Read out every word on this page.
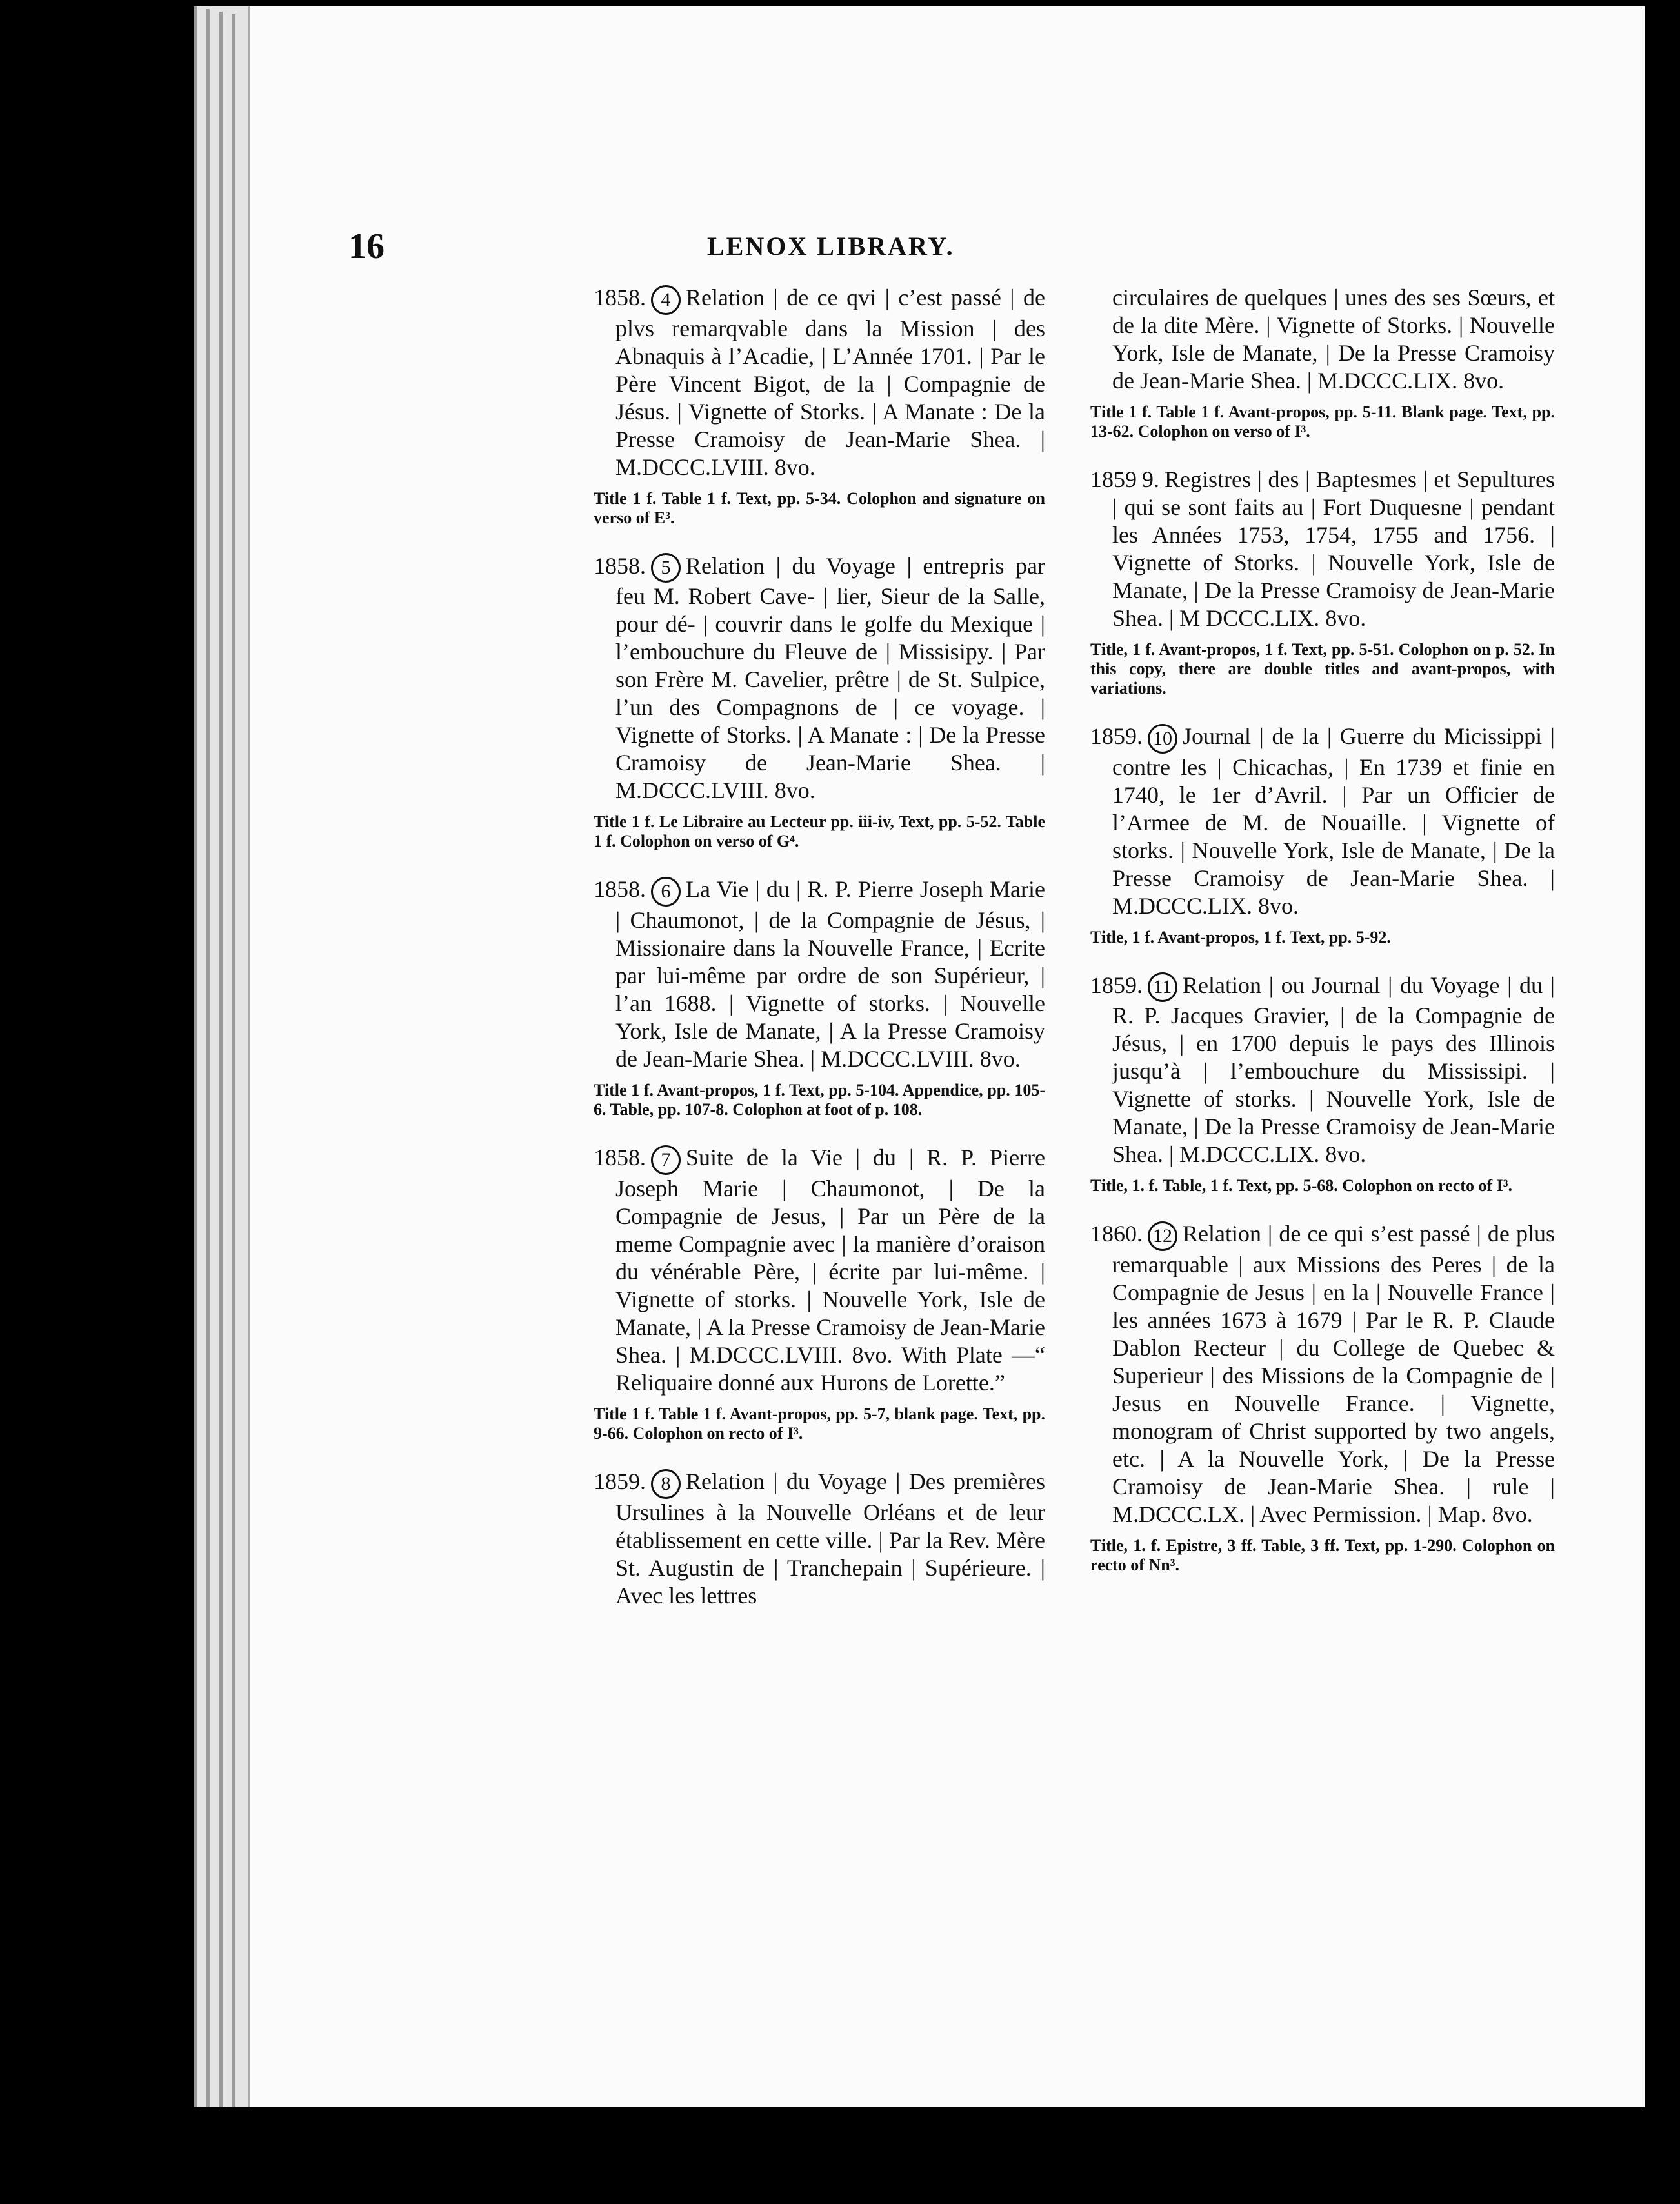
16	LENOX LIBRARY.

1858. 4 Relation | de ce qvi | c’est passé | de plvs remarqvable dans la Mission | des Abnaquis à l’Acadie, | L’Année 1701. | Par le Père Vincent Bigot, de la | Compagnie de Jésus. | Vignette of Storks. | A Manate : De la Presse Cramoisy de Jean-Marie Shea. | M.DCCC.LVIII. 8vo.

Title 1 f. Table 1 f. Text, pp. 5-34. Colophon and signature on verso of E³.

1858. 5 Relation | du Voyage | entrepris par feu M. Robert Cave- | lier, Sieur de la Salle, pour dé- | couvrir dans le golfe du Mexique | l’embouchure du Fleuve de | Missisipy. | Par son Frère M. Cavelier, prêtre | de St. Sulpice, l’un des Compagnons de | ce voyage. | Vignette of Storks. | A Manate : | De la Presse Cramoisy de Jean-Marie Shea. | M.DCCC.LVIII. 8vo.

Title 1 f. Le Libraire au Lecteur pp. iii-iv, Text, pp. 5-52. Table 1 f. Colophon on verso of G⁴.

1858. 6 La Vie | du | R. P. Pierre Joseph Marie | Chaumonot, | de la Compagnie de Jésus, | Missionaire dans la Nouvelle France, | Ecrite par lui-même par ordre de son Supérieur, | l’an 1688. | Vignette of storks. | Nouvelle York, Isle de Manate, | A la Presse Cramoisy de Jean-Marie Shea. | M.DCCC.LVIII. 8vo.

Title 1 f. Avant-propos, 1 f. Text, pp. 5-104. Appendice, pp. 105-6. Table, pp. 107-8. Colophon at foot of p. 108.

1858. 7 Suite de la Vie | du | R. P. Pierre Joseph Marie | Chaumonot, | De la Compagnie de Jesus, | Par un Père de la meme Compagnie avec | la manière d’oraison du vénérable Père, | écrite par lui-même. | Vignette of storks. | Nouvelle York, Isle de Manate, | A la Presse Cramoisy de Jean-Marie Shea. | M.DCCC.LVIII. 8vo. With Plate —“ Reliquaire donné aux Hurons de Lorette.”

Title 1 f. Table 1 f. Avant-propos, pp. 5-7, blank page. Text, pp. 9-66. Colophon on recto of I³.

1859. 8 Relation | du Voyage | Des premières Ursulines à la Nouvelle Orléans et de leur établissement en cette ville. | Par la Rev. Mère St. Augustin de | Tranchepain | Supérieure. | Avec les lettres

circulaires de quelques | unes des ses Sœurs, et de la dite Mère. | Vignette of Storks. | Nouvelle York, Isle de Manate, | De la Presse Cramoisy de Jean-Marie Shea. | M.DCCC.LIX. 8vo.

Title 1 f. Table 1 f. Avant-propos, pp. 5-11. Blank page. Text, pp. 13-62. Colophon on verso of I³.

1859 9. Registres | des | Baptesmes | et Sepultures | qui se sont faits au | Fort Duquesne | pendant les Années 1753, 1754, 1755 and 1756. | Vignette of Storks. | Nouvelle York, Isle de Manate, | De la Presse Cramoisy de Jean-Marie Shea. | M DCCC.LIX. 8vo.

Title, 1 f. Avant-propos, 1 f. Text, pp. 5-51. Colophon on p. 52. In this copy, there are double titles and avant-propos, with variations.

1859. 10 Journal | de la | Guerre du Micissippi | contre les | Chicachas, | En 1739 et finie en 1740, le 1er d’Avril. | Par un Officier de l’Armee de M. de Nouaille. | Vignette of storks. | Nouvelle York, Isle de Manate, | De la Presse Cramoisy de Jean-Marie Shea. | M.DCCC.LIX. 8vo.

Title, 1 f. Avant-propos, 1 f. Text, pp. 5-92.

1859. 11 Relation | ou Journal | du Voyage | du | R. P. Jacques Gravier, | de la Compagnie de Jésus, | en 1700 depuis le pays des Illinois jusqu’à | l’embouchure du Mississipi. | Vignette of storks. | Nouvelle York, Isle de Manate, | De la Presse Cramoisy de Jean-Marie Shea. | M.DCCC.LIX. 8vo.

Title, 1. f. Table, 1 f. Text, pp. 5-68. Colophon on recto of I³.

1860. 12 Relation | de ce qui s’est passé | de plus remarquable | aux Missions des Peres | de la Compagnie de Jesus | en la | Nouvelle France | les années 1673 à 1679 | Par le R. P. Claude Dablon Recteur | du College de Quebec & Superieur | des Missions de la Compagnie de | Jesus en Nouvelle France. | Vignette, monogram of Christ supported by two angels, etc. | A la Nouvelle York, | De la Presse Cramoisy de Jean-Marie Shea. | rule | M.DCCC.LX. | Avec Permission. | Map. 8vo.

Title, 1. f. Epistre, 3 ff. Table, 3 ff. Text, pp. 1-290. Colophon on recto of Nn³.
